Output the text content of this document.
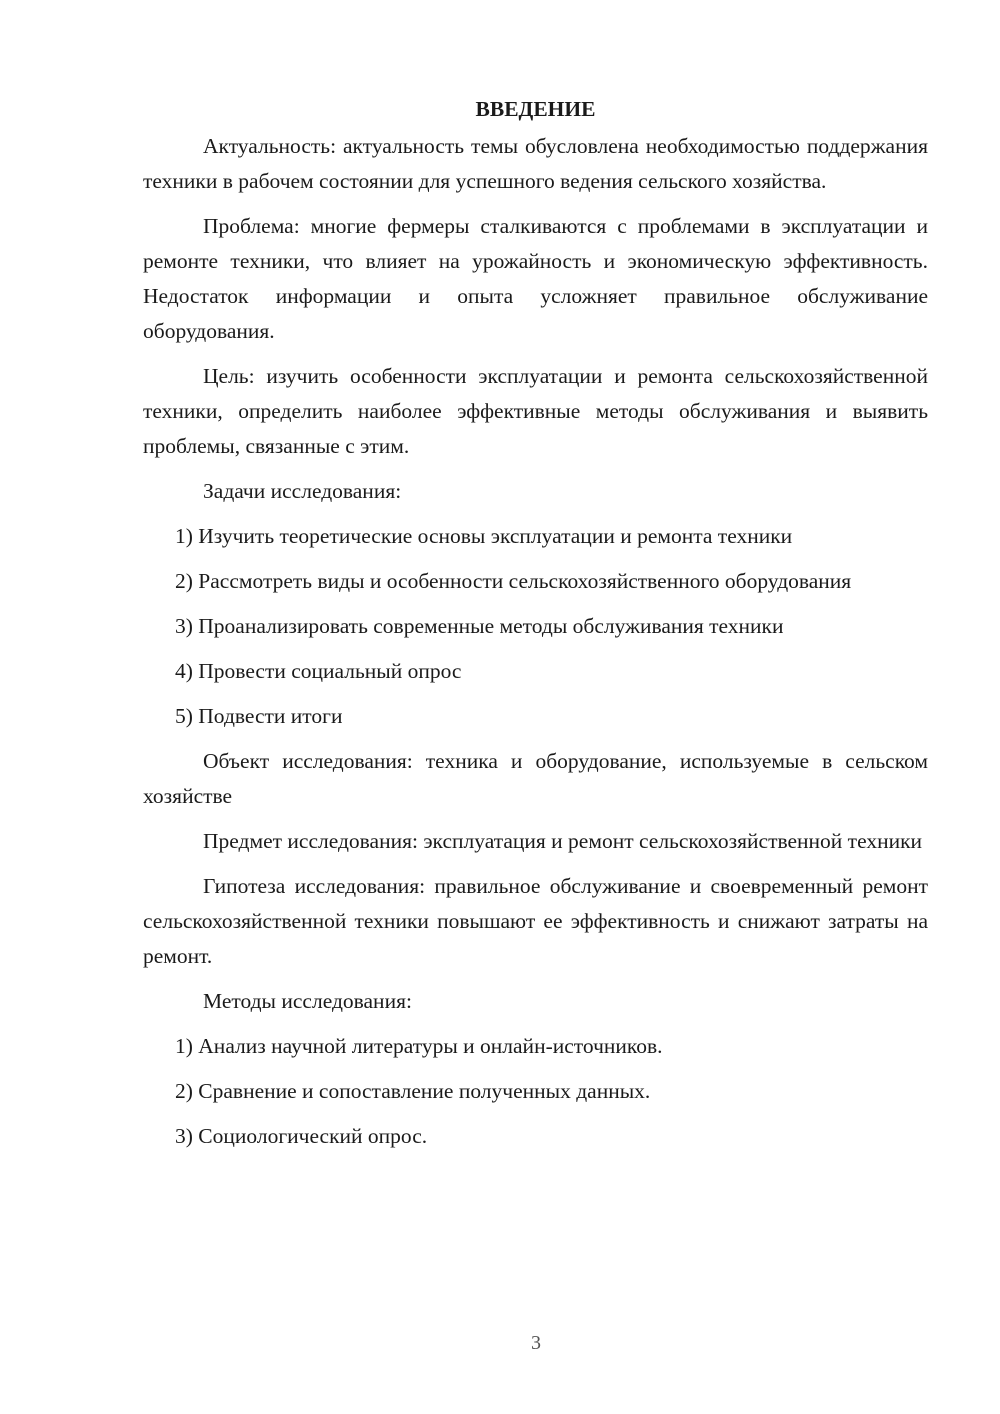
ВВЕДЕНИЕ

Актуальность: актуальность темы обусловлена необходимостью поддержания техники в рабочем состоянии для успешного ведения сельского хозяйства.

Проблема: многие фермеры сталкиваются с проблемами в эксплуатации и ремонте техники, что влияет на урожайность и экономическую эффективность. Недостаток информации и опыта усложняет правильное обслуживание оборудования.

Цель: изучить особенности эксплуатации и ремонта сельскохозяйственной техники, определить наиболее эффективные методы обслуживания и выявить проблемы, связанные с этим.

Задачи исследования:

1) Изучить теоретические основы эксплуатации и ремонта техники

2) Рассмотреть виды и особенности сельскохозяйственного оборудования

3) Проанализировать современные методы обслуживания техники

4) Провести социальный опрос

5) Подвести итоги

Объект исследования: техника и оборудование, используемые в сельском хозяйстве

Предмет исследования: эксплуатация и ремонт сельскохозяйственной техники

Гипотеза исследования: правильное обслуживание и своевременный ремонт сельскохозяйственной техники повышают ее эффективность и снижают затраты на ремонт.

Методы исследования:

1) Анализ научной литературы и онлайн-источников.

2) Сравнение и сопоставление полученных данных.

3) Социологический опрос.

3
